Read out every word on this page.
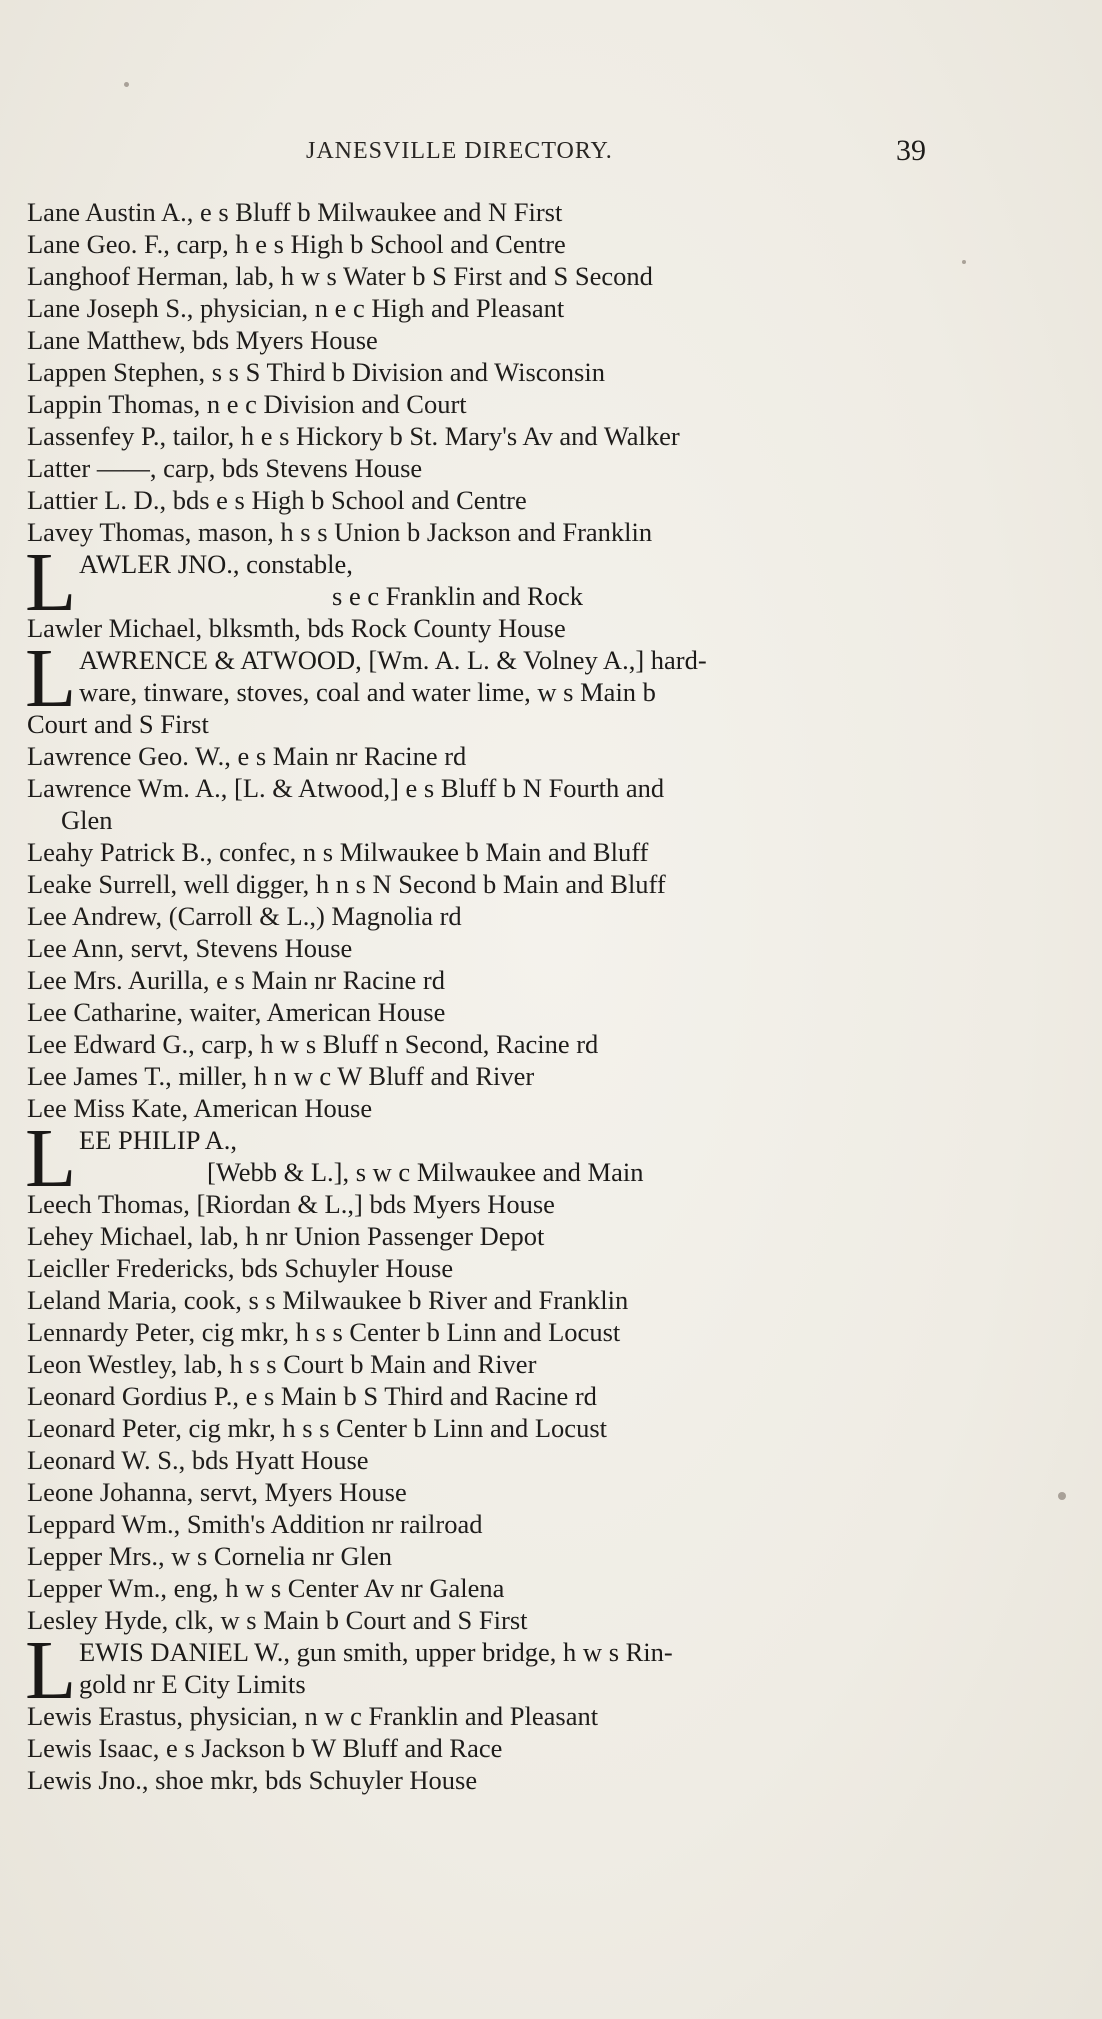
JANESVILLE DIRECTORY.	39
Lane Austin A., e s Bluff b Milwaukee and N First
Lane Geo. F., carp, h e s High b School and Centre
Langhoof Herman, lab, h w s Water b S First and S Second
Lane Joseph S., physician, n e c High and Pleasant
Lane Matthew, bds Myers House
Lappen Stephen, s s S Third b Division and Wisconsin
Lappin Thomas, n e c Division and Court
Lassenfey P., tailor, h e s Hickory b St. Mary's Av and Walker
Latter ——, carp, bds Stevens House
Lattier L. D., bds e s High b School and Centre
Lavey Thomas, mason, h s s Union b Jackson and Franklin
L AWLER JNO., constable,
s e c Franklin and Rock
Lawler Michael, blksmth, bds Rock County House
L AWRENCE & ATWOOD, [Wm. A. L. & Volney A.,] hard-
ware, tinware, stoves, coal and water lime, w s Main b
Court and S First
Lawrence Geo. W., e s Main nr Racine rd
Lawrence Wm. A., [L. & Atwood,] e s Bluff b N Fourth and
Glen
Leahy Patrick B., confec, n s Milwaukee b Main and Bluff
Leake Surrell, well digger, h n s N Second b Main and Bluff
Lee Andrew, (Carroll & L.,) Magnolia rd
Lee Ann, servt, Stevens House
Lee Mrs. Aurilla, e s Main nr Racine rd
Lee Catharine, waiter, American House
Lee Edward G., carp, h w s Bluff n Second, Racine rd
Lee James T., miller, h n w c W Bluff and River
Lee Miss Kate, American House
L EE PHILIP A.,
[Webb & L.], s w c Milwaukee and Main
Leech Thomas, [Riordan & L.,] bds Myers House
Lehey Michael, lab, h nr Union Passenger Depot
Leicller Fredericks, bds Schuyler House
Leland Maria, cook, s s Milwaukee b River and Franklin
Lennardy Peter, cig mkr, h s s Center b Linn and Locust
Leon Westley, lab, h s s Court b Main and River
Leonard Gordius P., e s Main b S Third and Racine rd
Leonard Peter, cig mkr, h s s Center b Linn and Locust
Leonard W. S., bds Hyatt House
Leone Johanna, servt, Myers House
Leppard Wm., Smith's Addition nr railroad
Lepper Mrs., w s Cornelia nr Glen
Lepper Wm., eng, h w s Center Av nr Galena
Lesley Hyde, clk, w s Main b Court and S First
L EWIS DANIEL W., gun smith, upper bridge, h w s Rin-
gold nr E City Limits
Lewis Erastus, physician, n w c Franklin and Pleasant
Lewis Isaac, e s Jackson b W Bluff and Race
Lewis Jno., shoe mkr, bds Schuyler House
